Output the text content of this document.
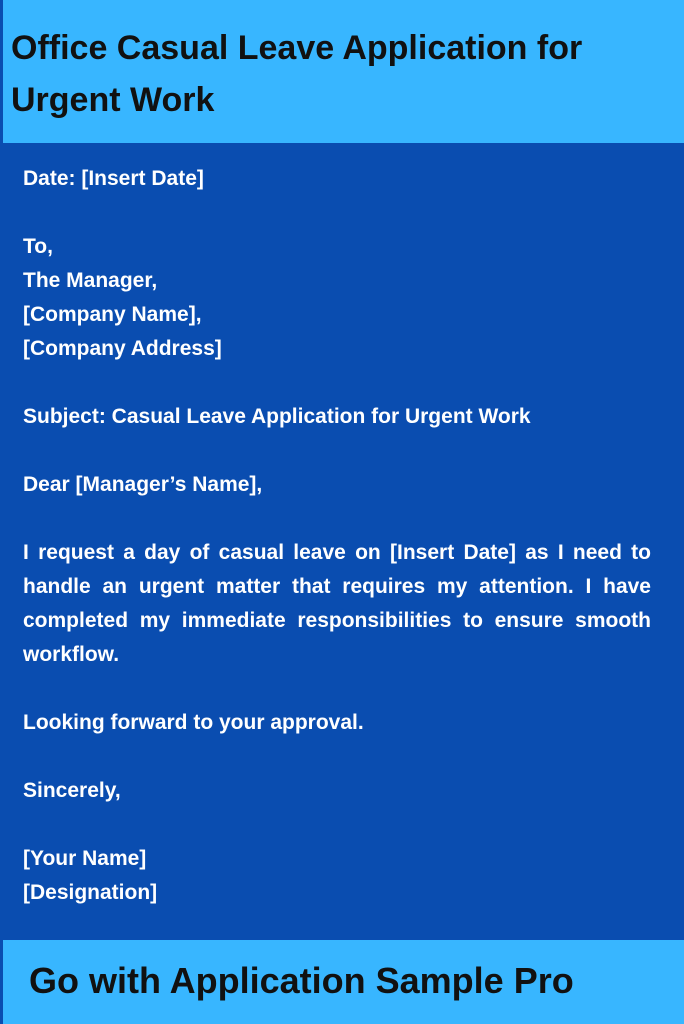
Office Casual Leave Application for Urgent Work
Date: [Insert Date]
To,
The Manager,
[Company Name],
[Company Address]
Subject: Casual Leave Application for Urgent Work
Dear [Manager’s Name],
I request a day of casual leave on [Insert Date] as I need to handle an urgent matter that requires my attention. I have completed my immediate responsibilities to ensure smooth workflow.
Looking forward to your approval.
Sincerely,
[Your Name]
[Designation]

Go with Application Sample Pro
